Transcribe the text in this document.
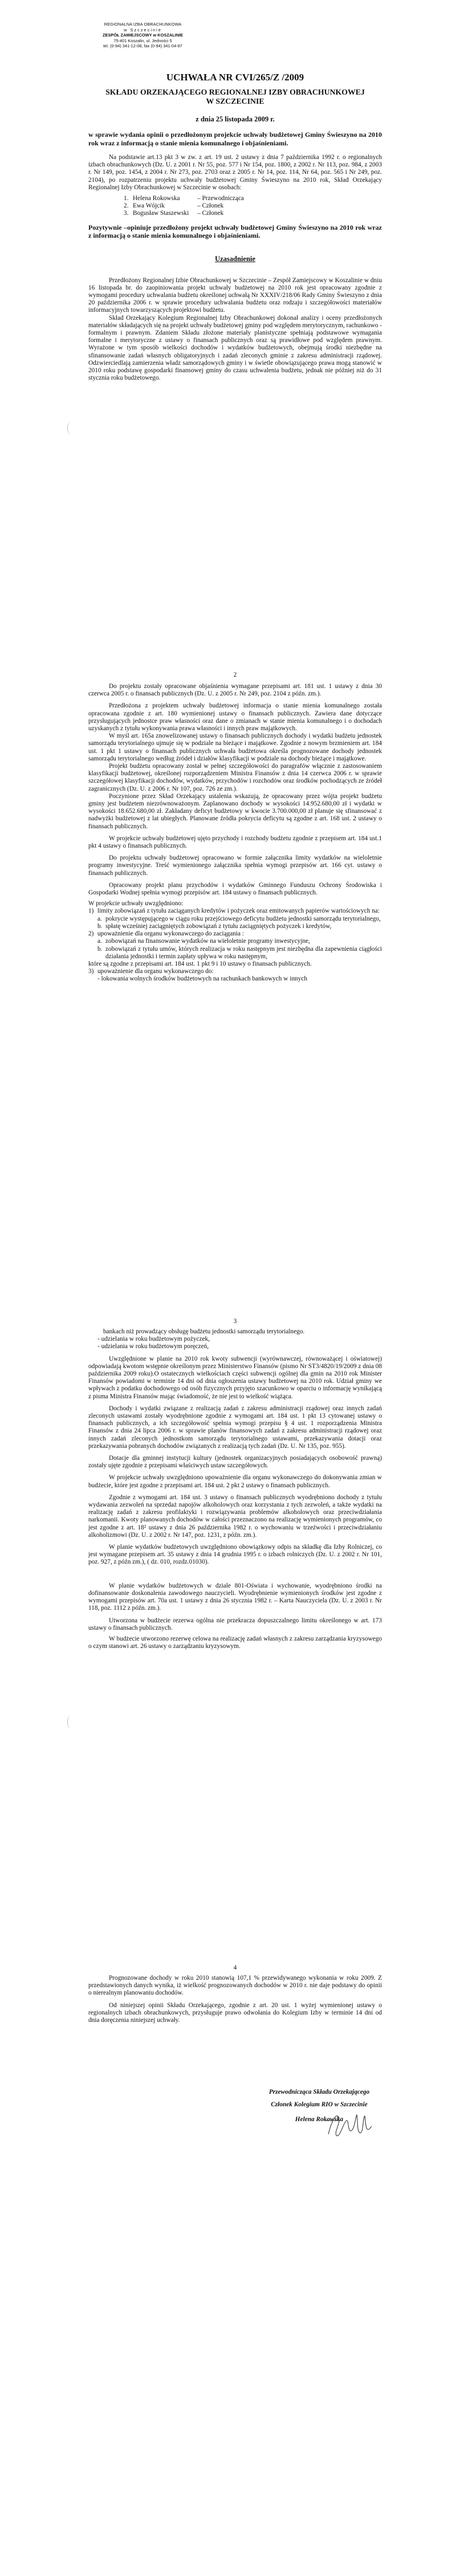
REGIONALNA IZBA OBRACHUNKOWA
w Szczecinie
ZESPÓŁ ZAMIEJSCOWY w KOSZALINIE
75-401 Koszalin, ul. Jedności 5
tel. (0-94) 341-12-08, fax (0-94) 341-04-87
UCHWAŁA NR CVI/265/Z /2009
SKŁADU ORZEKAJĄCEGO REGIONALNEJ IZBY OBRACHUNKOWEJ
W SZCZECINIE
z dnia 25 listopada 2009 r.

w sprawie wydania opinii o przedłożonym projekcie uchwały budżetowej Gminy Świeszyno na 2010 rok wraz z informacją o stanie mienia komunalnego i objaśnieniami.

Na podstawie art.13 pkt 3 w zw. z art. 19 ust. 2 ustawy z dnia 7 października 1992 r. o regionalnych izbach obrachunkowych (Dz. U. z 2001 r. Nr 55, poz. 577 i Nr 154, poz. 1800, z 2002 r. Nr 113, poz. 984, z 2003 r. Nr 149, poz. 1454, z 2004 r. Nr 273, poz. 2703 oraz z 2005 r. Nr 14, poz. 114, Nr 64, poz. 565 i Nr 249, poz. 2104), po rozpatrzeniu projektu uchwały budżetowej Gminy Świeszyno na 2010 rok, Skład Orzekający Regionalnej Izby Obrachunkowej w Szczecinie w osobach:

1. Helena Rokowska	– Przewodnicząca
2. Ewa Wójcik	– Członek
3. Bogusław Staszewski	– Członek

Pozytywnie –opiniuje przedłożony projekt uchwały budżetowej Gminy Świeszyno na 2010 rok wraz z informacją o stanie mienia komunalnego i objaśnieniami.

Uzasadnienie

Przedłożony Regionalnej Izbie Obrachunkowej w Szczecinie – Zespół Zamiejscowy w Koszalinie w dniu 16 listopada br. do zaopiniowania projekt uchwały budżetowej na 2010 rok jest opracowany zgodnie z wymogami procedury uchwalania budżetu określonej uchwałą Nr XXXIV/218/06 Rady Gminy Świeszyno z dnia 20 października 2006 r. w sprawie procedury uchwalania budżetu oraz rodzaju i szczegółowości materiałów informacyjnych towarzyszących projektowi budżetu.

Skład Orzekający Kolegium Regionalnej Izby Obrachunkowej dokonał analizy i oceny przedłożonych materiałów składających się na projekt uchwały budżetowej gminy pod względem merytorycznym, rachunkowo - formalnym i prawnym. Zdaniem Składu złożone materiały planistyczne spełniają podstawowe wymagania formalne i merytoryczne z ustawy o finansach publicznych oraz są prawidłowe pod względem prawnym. Wyrażone w tym sposób wielkości dochodów i wydatków budżetowych, obejmują środki niezbędne na sfinansowanie zadań własnych obligatoryjnych i zadań zleconych gminie z zakresu administracji rządowej. Odzwierciedlają zamierzenia władz samorządowych gminy i w świetle obowiązującego prawa mogą stanowić w 2010 roku podstawę gospodarki finansowej gminy do czasu uchwalenia budżetu, jednak nie później niż do 31 stycznia roku budżetowego.

2

Do projektu zostały opracowane objaśnienia wymagane przepisami art. 181 ust. 1 ustawy z dnia 30 czerwca 2005 r. o finansach publicznych (Dz. U. z 2005 r. Nr 249, poz. 2104 z późn. zm.).

Przedłożona z projektem uchwały budżetowej informacja o stanie mienia komunalnego została opracowana zgodnie z art. 180 wymienionej ustawy o finansach publicznych. Zawiera dane dotyczące przysługujących jednostce praw własności oraz dane o zmianach w stanie mienia komunalnego i o dochodach uzyskanych z tytułu wykonywania prawa własności i innych praw majątkowych.

W myśl art. 165a znowelizowanej ustawy o finansach publicznych dochody i wydatki budżetu jednostek samorządu terytorialnego ujmuje się w podziale na bieżące i majątkowe. Zgodnie z nowym brzmieniem art. 184 ust. 1 pkt 1 ustawy o finansach publicznych uchwała budżetowa określa prognozowane dochody jednostek samorządu terytorialnego według źródeł i działów klasyfikacji w podziale na dochody bieżące i majątkowe.

Projekt budżetu opracowany został w pełnej szczegółowości do paragrafów włącznie z zastosowaniem klasyfikacji budżetowej, określonej rozporządzeniem Ministra Finansów z dnia 14 czerwca 2006 r. w sprawie szczegółowej klasyfikacji dochodów, wydatków, przychodów i rozchodów oraz środków pochodzących ze źródeł zagranicznych (Dz. U. z 2006 r. Nr 107, poz. 726 ze zm.).

Poczynione przez Skład Orzekający ustalenia wskazują, że opracowany przez wójta projekt budżetu gminy jest budżetem niezrównoważonym. Zaplanowano dochody w wysokości 14.952.680,00 zł i wydatki w wysokości 18.652.680,00 zł. Zakładany deficyt budżetowy w kwocie 3.700.000,00 zł planuje się sfinansować z nadwyżki budżetowej z lat ubiegłych. Planowane źródła pokrycia deficytu są zgodne z art. 168 ust. 2 ustawy o finansach publicznych.

W projekcie uchwały budżetowej ujęto przychody i rozchody budżetu zgodnie z przepisem art. 184 ust.1 pkt 4 ustawy o finansach publicznych.

Do projektu uchwały budżetowej opracowano w formie załącznika limity wydatków na wieloletnie programy inwestycyjne. Treść wymienionego załącznika spełnia wymogi przepisów art. 166 cyt. ustawy o finansach publicznych.

Opracowany projekt planu przychodów i wydatków Gminnego Funduszu Ochrony Środowiska i Gospodarki Wodnej spełnia wymogi przepisów art. 184 ustawy o finansach publicznych.

W projekcie uchwały uwzględniono:

1) limity zobowiązań z tytułu zaciąganych kredytów i pożyczek oraz emitowanych papierów wartościowych na:
a. pokrycie występującego w ciągu roku przejściowego deficytu budżetu jednostki samorządu terytorialnego,
b. spłatę wcześniej zaciągniętych zobowiązań z tytułu zaciągniętych pożyczek i kredytów,
2) upoważnienie dla organu wykonawczego do zaciągania :
a. zobowiązań na finansowanie wydatków na wieloletnie programy inwestycyjne,
b. zobowiązań z tytułu umów, których realizacja w roku następnym jest niezbędna dla zapewnienia ciągłości działania jednostki i termin zapłaty upływa w roku następnym,
które są zgodne z przepisami art. 184 ust. 1 pkt 9 i 10 ustawy o finansach publicznych.
3) upoważnienie dla organu wykonawczego do:
- lokowania wolnych środków budżetowych na rachunkach bankowych w innych
3
bankach niż prowadzący obsługę budżetu jednostki samorządu terytorialnego.
- udzielania w roku budżetowym pożyczek,
- udzielania w roku budżetowym poręczeń,

Uwzględnione w planie na 2010 rok kwoty subwencji (wyrównawczej, równoważącej i oświatowej) odpowiadają kwotom wstępnie określonym przez Ministerstwo Finansów (pismo Nr ST3/4820/19/2009 z dnia 08 października 2009 roku).O ostatecznych wielkościach części subwencji ogólnej dla gmin na 2010 rok Minister Finansów powiadomi w terminie 14 dni od dnia ogłoszenia ustawy budżetowej na 2010 rok. Udział gminy we wpływach z podatku dochodowego od osób fizycznych przyjęto szacunkowo w oparciu o informację wynikającą z pisma Ministra Finansów mając świadomość, że nie jest to wielkość wiążąca.

Dochody i wydatki związane z realizacją zadań z zakresu administracji rządowej oraz innych zadań zleconych ustawami zostały wyodrębnione zgodnie z wymogami art. 184 ust. 1 pkt 13 cytowanej ustawy o finansach publicznych, a ich szczegółowość spełnia wymogi przepisu § 4 ust. 1 rozporządzenia Ministra Finansów z dnia 24 lipca 2006 r. w sprawie planów finansowych zadań z zakresu administracji rządowej oraz innych zadań zleconych jednostkom samorządu terytorialnego ustawami, przekazywania dotacji oraz przekazywania pobranych dochodów związanych z realizacją tych zadań (Dz. U. Nr 135, poz. 955).

Dotacje dla gminnej instytucji kultury (jednostek organizacyjnych posiadających osobowość prawną) zostały ujęte zgodnie z przepisami właściwych ustaw szczegółowych.

W projekcie uchwały uwzględniono upoważnienie dla organu wykonawczego do dokonywania zmian w budżecie, które jest zgodne z przepisami art. 184 ust. 2 pkt 2 ustawy o finansach publicznych.

Zgodnie z wymogami art. 184 ust. 3 ustawy o finansach publicznych wyodrębniono dochody z tytułu wydawania zezwoleń na sprzedaż napojów alkoholowych oraz korzystania z tych zezwoleń, a także wydatki na realizację zadań z zakresu profilaktyki i rozwiązywania problemów alkoholowych oraz przeciwdziałania narkomanii. Kwoty planowanych dochodów w całości przeznaczono na realizację wymienionych programów, co jest zgodne z art. 18² ustawy z dnia 26 października 1982 r. o wychowaniu w trzeźwości i przeciwdziałaniu alkoholizmowi (Dz. U. z 2002 r. Nr 147, poz. 1231, z późn. zm.).

W planie wydatków budżetowych uwzględniono obowiązkowy odpis na składkę dla Izby Rolniczej, co jest wymagane przepisem art. 35 ustawy z dnia 14 grudnia 1995 r. o izbach rolniczych (Dz. U. z 2002 r. Nr 101, poz. 927, z późn zm.), ( dz. 010, rozdz.01030).

W planie wydatków budżetowych w dziale 801-Oświata i wychowanie, wyodrębniono środki na dofinansowanie doskonalenia zawodowego nauczycieli. Wyodrębnienie wymienionych środków jest zgodne z wymogami przepisów art. 70a ust. 1 ustawy z dnia 26 stycznia 1982 r. – Karta Nauczyciela (Dz. U. z 2003 r. Nr 118, poz. 1112 z późn. zm.).

Utworzona w budżecie rezerwa ogólna nie przekracza dopuszczalnego limitu określonego w art. 173 ustawy o finansach publicznych.

W budżecie utworzono rezerwę celowa na realizację zadań własnych z zakresu zarządzania kryzysowego o czym stanowi art. 26 ustawy o zarządzaniu kryzysowym.

4

Prognozowane dochody w roku 2010 stanowią 107,1 % przewidywanego wykonania w roku 2009. Z przedstawionych danych wynika, iż wielkość prognozowanych dochodów w 2010 r. nie daje podstawy do opinii o nierealnym planowaniu dochodów.

Od niniejszej opinii Składu Orzekającego, zgodnie z art. 20 ust. 1 wyżej wymienionej ustawy o regionalnych izbach obrachunkowych, przysługuje prawo odwołania do Kolegium Izby w terminie 14 dni od dnia doręczenia niniejszej uchwały.

Przewodnicząca Składu Orzekającego
Członek Kolegium RIO w Szczecinie
Helena Rokowska
